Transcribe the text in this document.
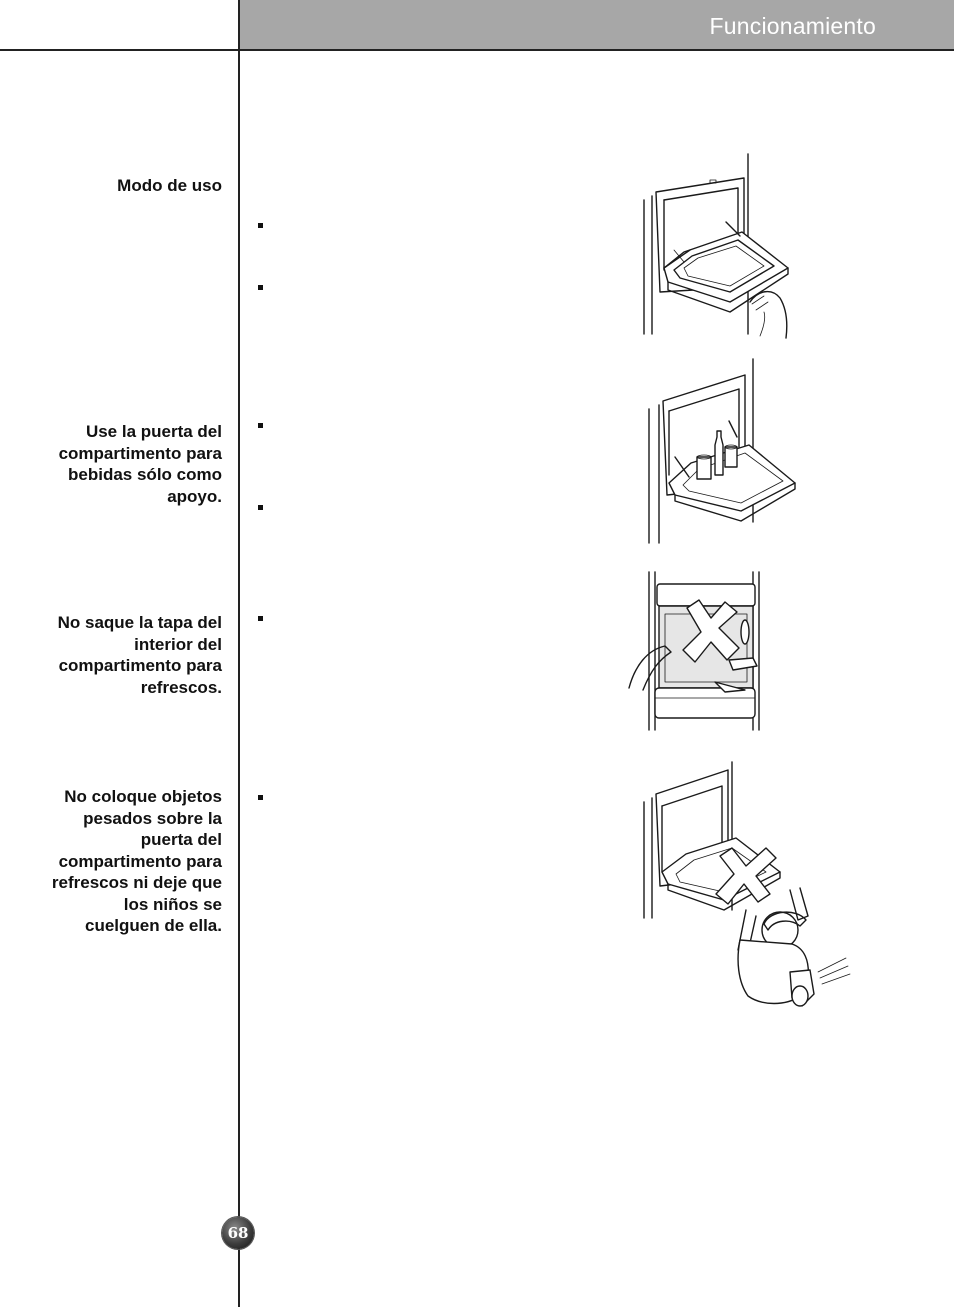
Funcionamiento
Modo de uso
Use la puerta del compartimento para bebidas sólo como apoyo.
No saque la tapa del interior del compartimento para refrescos.
No coloque objetos pesados sobre la puerta del compartimento para refrescos ni deje que los niños se cuelguen de ella.
68
